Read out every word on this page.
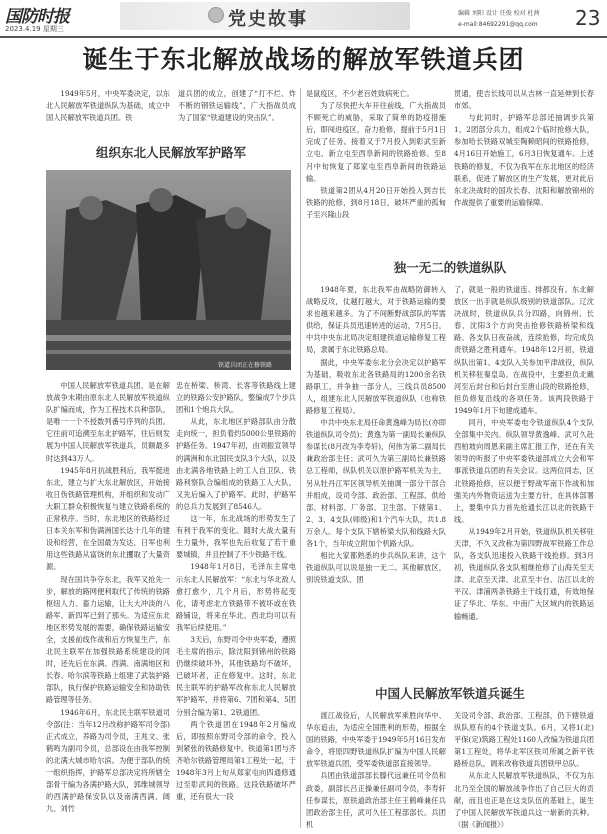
国防时报
2023.4.19 星期三	党史故事	编辑 刘阳 设计 任俊 校对 杜茜
e-mail:84692291@qq.com 23
诞生于东北解放战场的解放军铁道兵团

1949年5月，中央军委决定，以东北人民解放军铁道纵队为基础，成立中国人民解放军铁道兵团。铁

道兵团的成立，创建了“打不烂、炸不断的钢铁运输线”，广大指战员成为了国家“铁道建设的突击队”。

组织东北人民解放军护路军
铁道兵团正在修铁路

中国人民解放军铁道兵团，是在解放战争末期由原东北人民解放军铁道纵队扩编而成，作为工程技术兵种部队，是唯一一个不授数列番号序列的兵团。它往前可追溯至东北护路军，往后则发展为中国人民解放军铁道兵，员额最多时达到43万人。

1945年8月抗战胜利后，我军挺进东北，建立与扩大东北解放区，开始接收日伪铁路管理机构，并组织和发动广大职工群众积极恢复与建立铁路系统的正常秩序。当时，东北地区的铁路经过日本关东军和伪满洲国长达十几年的建设和经营，在全国最为发达，日军也利用这些铁路从富饶的东北攫取了大量资源。

现在国共争夺东北，我军又抢先一步，解放的路网便利取代了传统的铁路枢纽人力、畜力运输，让大大冲淡的八路军、新四军已到了那头。为适应东北地区形势发展的需要，确保铁路运输安全，支援前线作战和后方恢复生产，东北民主联军在加强铁路系统建设的同时，还先后在东满、西满、南满地区和长春、哈尔滨等铁路上组建了武装护路部队，执行保护铁路运输安全和协助铁路管理等任务。

1946年6月，东北民主联军铁道司令部(注：当年12月改称护路军司令部)正式成立，养路为司令员，王兆文、张鹤鸣为副司令员，总部设在由我军控制的北满大城市哈尔滨。为便于部队的统一组织指挥，护路军总部决定将所辖全部骨干编为各满护路大队，郭维城领导的西满护路保安队以及南满西满、阔九、刘竹

忠在桥梁、桥湾、长客等铁路线上建立的铁路公安护路队，整编成7个步兵团和1个炮兵大队。

从此，东北地区护路部队由分散走向统一，担负着约5000公里铁路的护路任务。1947年初，由刘振宣领导的满洲和东北国民支队3个大队，以及由北满各地铁路上的工人自卫队、铁路利察队合编组成的铁路工人大队，又先后编入了护路军。此时，护路军的总兵力发展到了8546人。

这一年，东北战场的形势发生了有利于我军的变化。随时大战大量有生力量外，我军也先后收复了若干重要城镇，并且控制了不少铁路干线。

1948年1月8日，毛泽东主席电示东北人民解放军：“东北与华北敌人愈打愈少，几个月后，形势将起变化，请考虑北方铁路带不被坏或在铁路铺设，将来在华北、西北均可以有我军后续使用。”

3天后，东野司令中央军委，遵照毛主席的指示，除沈阳到锦州的铁路仍继续破坏外，其他铁路均不破坏，已破坏者，正在修复中。这时，东北民主联军的护路军改称东北人民解放军护路军，并将第6、7团和第4、5团分别合编为第1、2铁道团。

两个铁道团在1948年2月编成后，即按照东野司令部的命令，投入到紧张的铁路修复中。铁道第1团与齐齐哈尔铁路管理局第1工程处一起，于1948年3月上旬从郑家屯向四通修通过至彰武间的铁路。这段铁路破坏严重，还有很大一段

是鼠疫区，不少老百姓致病死亡。

为了尽快把大车开往前线，广大指战员不顾死亡的威胁，采取了简单的防疫措施后，即闯进疫区，奋力抢修，提前于5月1日完成了任务。接着又于7月投入到彰武至新立屯、新立屯至西阜新间的铁路抢修。至8月中旬恢复了郑家屯至西阜新间的铁路运输。

铁道第2团从4月20日开始投入到吉长铁路的抢修，到8月18日，破坏严重的孤甸子至兴隆山段

贯通，使吉长线可以从吉林一直延伸到长春市郊。

与此同时，护路军总部还抽调步兵第1、2团部分兵力，组成2个临时抢修大队，参加哈长铁路双城至陶赖昭间的铁路抢修，4月16日开始施工，6月3日恢复通车。上述铁路的修复，不仅为我军在东北地区的经济联系，促进了解放区的生产发展，更对此后东北决战时的国攻长春、沈阳和解放锦州的作战提供了重要的运输保障。

独一无二的铁道纵队

1948年夏，东北我军由战略防御转入战略反攻，仗越打越大，对于铁路运输的要求也越来越多。为了不间断野战部队的军需供给，保证兵员迅速转进的运动，7月5日，中共中央东北局决定组建铁道运输修复工程局，隶属于东北铁路总局。

据此，中央军委东北分会决定以护路军为基础，吸收东北各铁路局的1200余名铁路职工，并争抽一部分人，三线兵员8500人，组建东北人民解放军铁道纵队（也称铁路修复工程局）。

中共中央东北局任命黄逸峰为局长(亦即铁道纵队司令员)；黄逸为第一副局长兼纵队参谋长(8月改为李寿轩)，何伟为第二副局长兼政治部主任；武可久为第三副局长兼铁路总工程师，纵队机关以原护路军机关为主，另从牡丹江军区领导机关抽调一部分干部合并组成，设司令部、政治部、工程部、供给部、材料部、厂务部、卫生部。下辖第1、2、3、4支队(师级)和1个汽车大队，共1.8万余人。每个支队下辖桥梁大队和线路大队各1个，当年成立附加个机路大队。

相比大家都熟悉的步兵纵队来讲，这个铁道纵队可以说是独一无二。其他解放区，别说铁道支队、团

了，就是一般的铁道连、排都没有。东北解放区一出手就是纵队级别的铁道部队。辽沈决战时，铁道纵队兵分四路，向锦州、长春、沈阳3个方向突击抢修铁路桥梁和线路。各支队日夜奋战，连续抢修，均完成负责铁路之胜利通车。1948年12月初，铁道纵队出第1、4支队入关参加平津战役，纵队机关移驻秦皇岛。在战役中，主要担负北戴河至后封台和后封台至唐山段的铁路抢修，担负修复沿线的各项任务。该两段铁路于1949年1月下旬建成通车。

同月，中央军委电令铁道纵队4个支队全部集中关内。纵队领导黄逸峰、武可久赴西柏坡向周恩来副主席汇报工作，还在有关领导的听报了中央军委铁道部成立大会和军事派铁道兵团的有关会议。这两位同志，区北铁路抢修，应以便于野战军南下作战和加强关内外物资运送为主要方针，在具体部署上，要集中兵力首先抢通长江以北的铁路干线。

从1949年2月开始，铁道纵队机关移驻天津，不久又改称为第四野战军铁路工作总队，各支队迅速投入铁路干线抢修。到3月初，铁道纵队各支队相继抢修了山海关至天津、北京至天津、北京至丰台、沽江以北的平汉、津浦两条铁路主干线打通，有效地保证了华北、华东、中南广大区域内的铁路运输畅通。

中国人民解放军铁道兵诞生

渡江战役后，人民解放军乘胜向华中、华东追击，为适应全国胜利的形势，根据全国的铁路，中央军委于1949年5月16日发布命令，将原四野铁道纵队扩编为中国人民解放军铁道兵团，受军委铁道部直接领导。

兵团由铁道部部长滕代远兼任司令员和政委，副部长吕正操兼任副司令员，李寿轩任参谋长，原铁道政治部主任王鹤峰兼任兵团政治部主任，武可久任工程部部长。兵团机

关设司令部、政治部、工程部，仍下辖铁道纵队原有的4个铁道支队。6月，又将1(北)平保(定)筑路工程处1160人改编为铁道兵团第1工程处，将华北军区铁司所属之新平铁路桥总队，调来改称铁道兵团铁甲总队。

从东北人民解放军铁道纵队，不仅为东北乃至全国的解放战争作出了自己巨大的贡献，而且也正是在这支队伍的基础上，诞生了中国人民解放军铁道兵这一崭新的兵种。（据《新闻报》）
